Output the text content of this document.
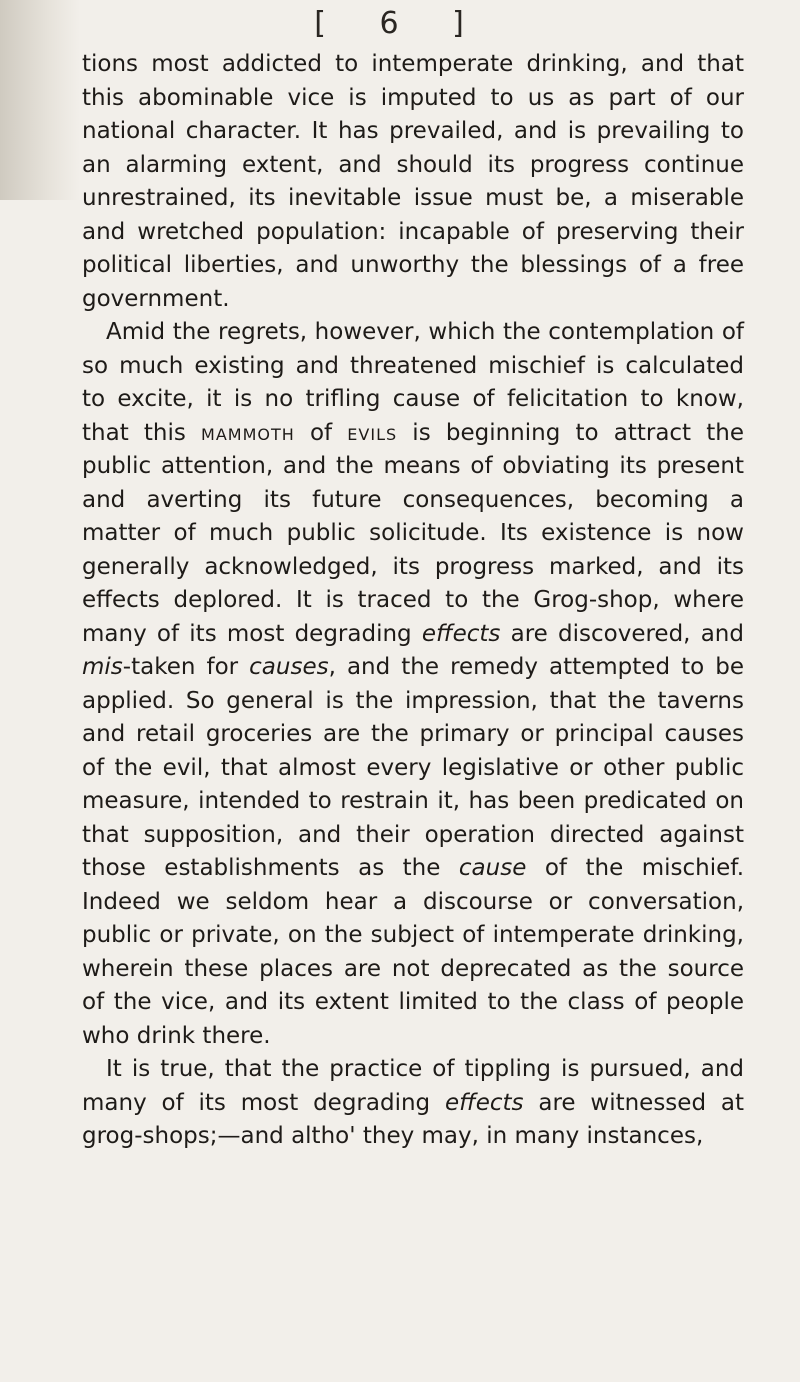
[ 6 ]

tions most addicted to intemperate drinking, and that this abominable vice is imputed to us as part of our national character. It has prevailed, and is prevailing to an alarming extent, and should its progress continue unrestrained, its inevitable issue must be, a miserable and wretched population: incapable of preserving their political liberties, and unworthy the blessings of a free government.

Amid the regrets, however, which the contemplation of so much existing and threatened mischief is calculated to excite, it is no trifling cause of felicitation to know, that this mammoth of evils is beginning to attract the public attention, and the means of obviating its present and averting its future consequences, becoming a matter of much public solicitude. Its existence is now generally acknowledged, its progress marked, and its effects deplored. It is traced to the Grog-shop, where many of its most degrading effects are discovered, and mis-taken for causes, and the remedy attempted to be applied. So general is the impression, that the taverns and retail groceries are the primary or principal causes of the evil, that almost every legislative or other public measure, intended to restrain it, has been predicated on that supposition, and their operation directed against those establishments as the cause of the mischief. Indeed we seldom hear a discourse or conversation, public or private, on the subject of intemperate drinking, wherein these places are not deprecated as the source of the vice, and its extent limited to the class of people who drink there.

It is true, that the practice of tippling is pursued, and many of its most degrading effects are witnessed at grog-shops;—and altho' they may, in many instances,
